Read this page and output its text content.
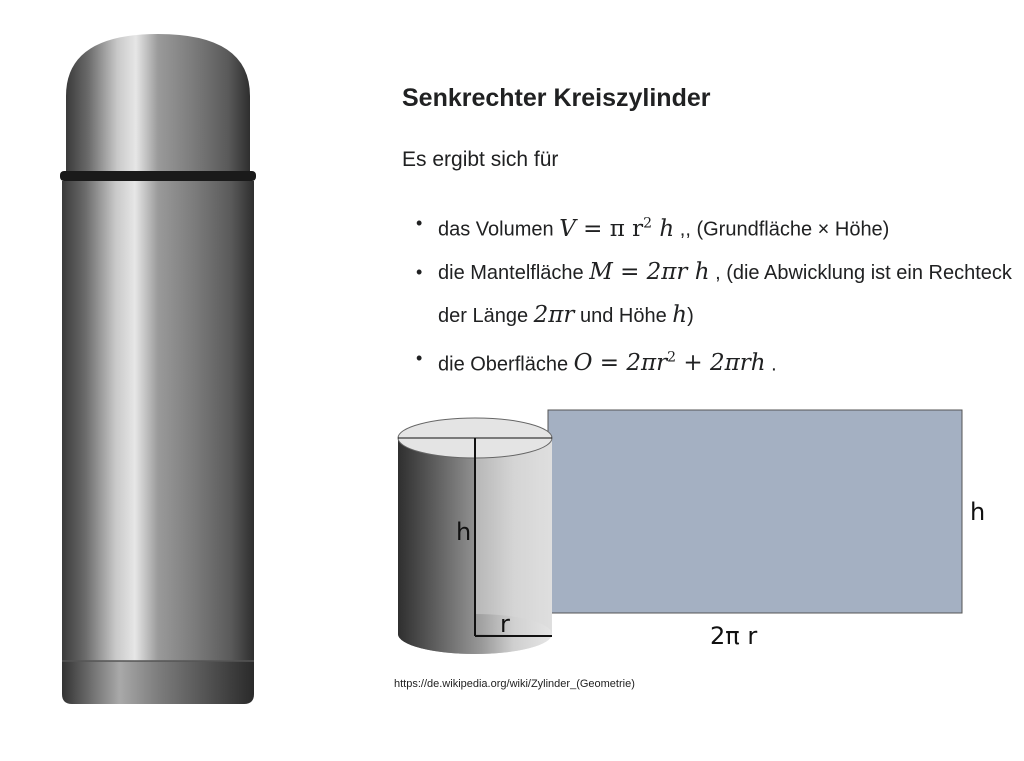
Senkrechter Kreiszylinder
Es ergibt sich für
• das Volumen V = π $r^2$ h ,, (Grundfläche × Höhe)
• die Mantelfläche M = 2πr h , (die Abwicklung ist ein Rechteck der Länge 2πr und Höhe h)
• die Oberfläche $O = 2\pi r^2 + 2\pi rh$ .
h
r
h
2π r
https://de.wikipedia.org/wiki/Zylinder_(Geometrie)
